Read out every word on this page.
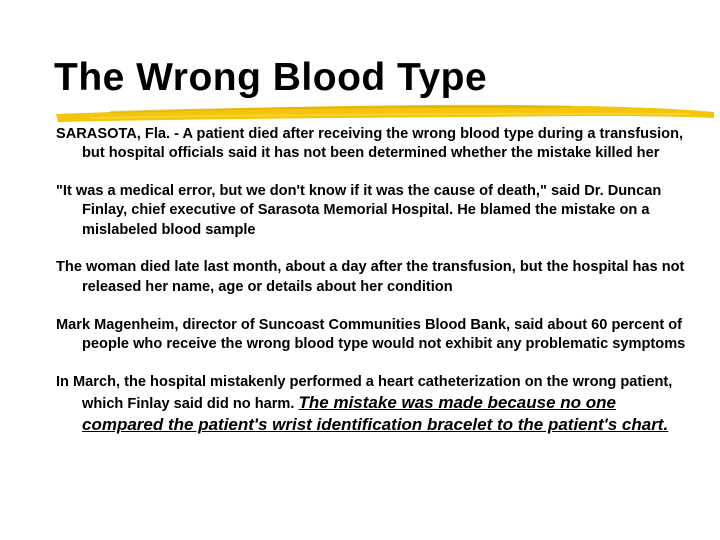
The Wrong Blood Type

SARASOTA, Fla. - A patient died after receiving the wrong blood type during a transfusion, but hospital officials said it has not been determined whether the mistake killed her

"It was a medical error, but we don't know if it was the cause of death," said Dr. Duncan Finlay, chief executive of Sarasota Memorial Hospital. He blamed the mistake on a mislabeled blood sample

The woman died late last month, about a day after the transfusion, but the hospital has not released her name, age or details about her condition

Mark Magenheim, director of Suncoast Communities Blood Bank, said about 60 percent of people who receive the wrong blood type would not exhibit any problematic symptoms

In March, the hospital mistakenly performed a heart catheterization on the wrong patient, which Finlay said did no harm. The mistake was made because no one compared the patient's wrist identification bracelet to the patient's chart.
